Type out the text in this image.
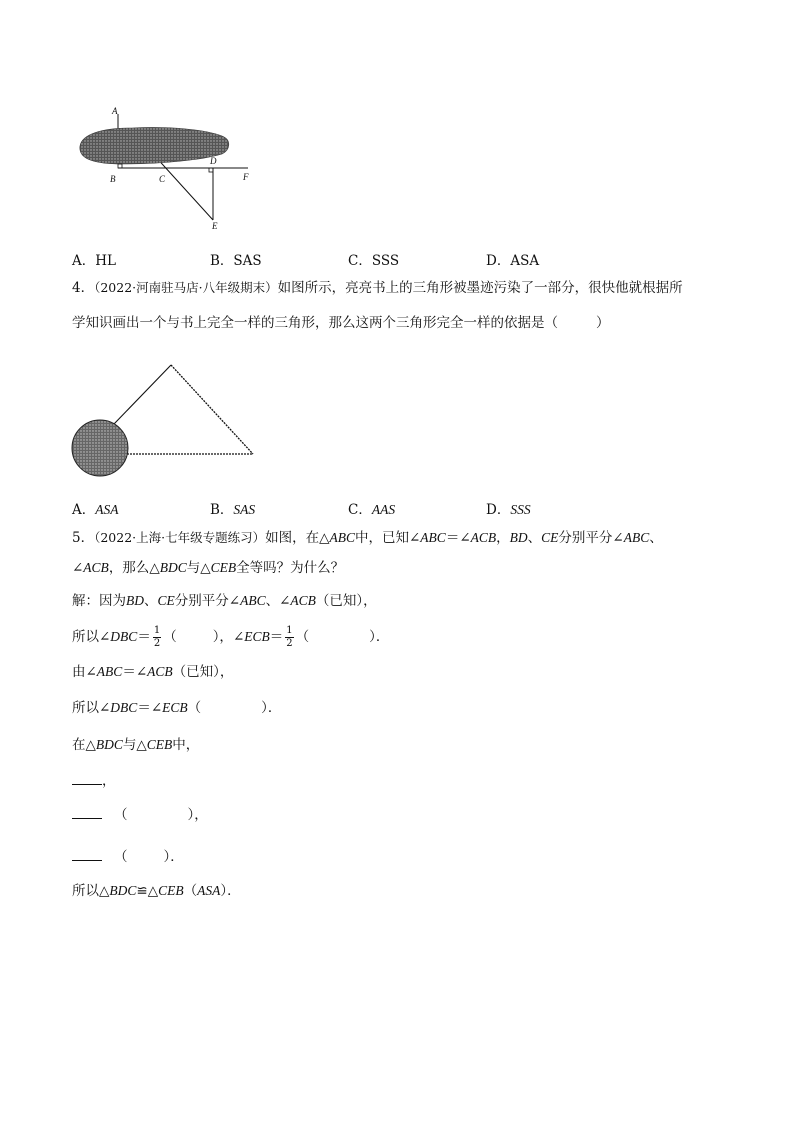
A
B	C
D
F
E
A．HL	B．SAS	C．SSS	D．ASA
4．（2022·河南驻马店·八年级期末）如图所示，亮亮书上的三角形被墨迹污染了一部分，很快他就根据所
学知识画出一个与书上完全一样的三角形，那么这两个三角形完全一样的依据是（	）
A．ASA	B．SAS	C．AAS	D．SSS
5．（2022·上海·七年级专题练习）如图，在△ABC中，已知∠ABC＝∠ACB，BD、CE分别平分∠ABC、
∠ACB，那么△BDC与△CEB全等吗？为什么？
解：因为BD、CE分别平分∠ABC、∠ACB（已知），
所以∠DBC＝ $\frac{1}{2}$ （	），∠ECB＝ $\frac{1}{2}$ （	）．
由∠ABC＝∠ACB（已知），
所以∠DBC＝∠ECB（	）．
在△BDC与△CEB中，
，
（	），
（	）．
所以△BDC≌△CEB（ASA）．
